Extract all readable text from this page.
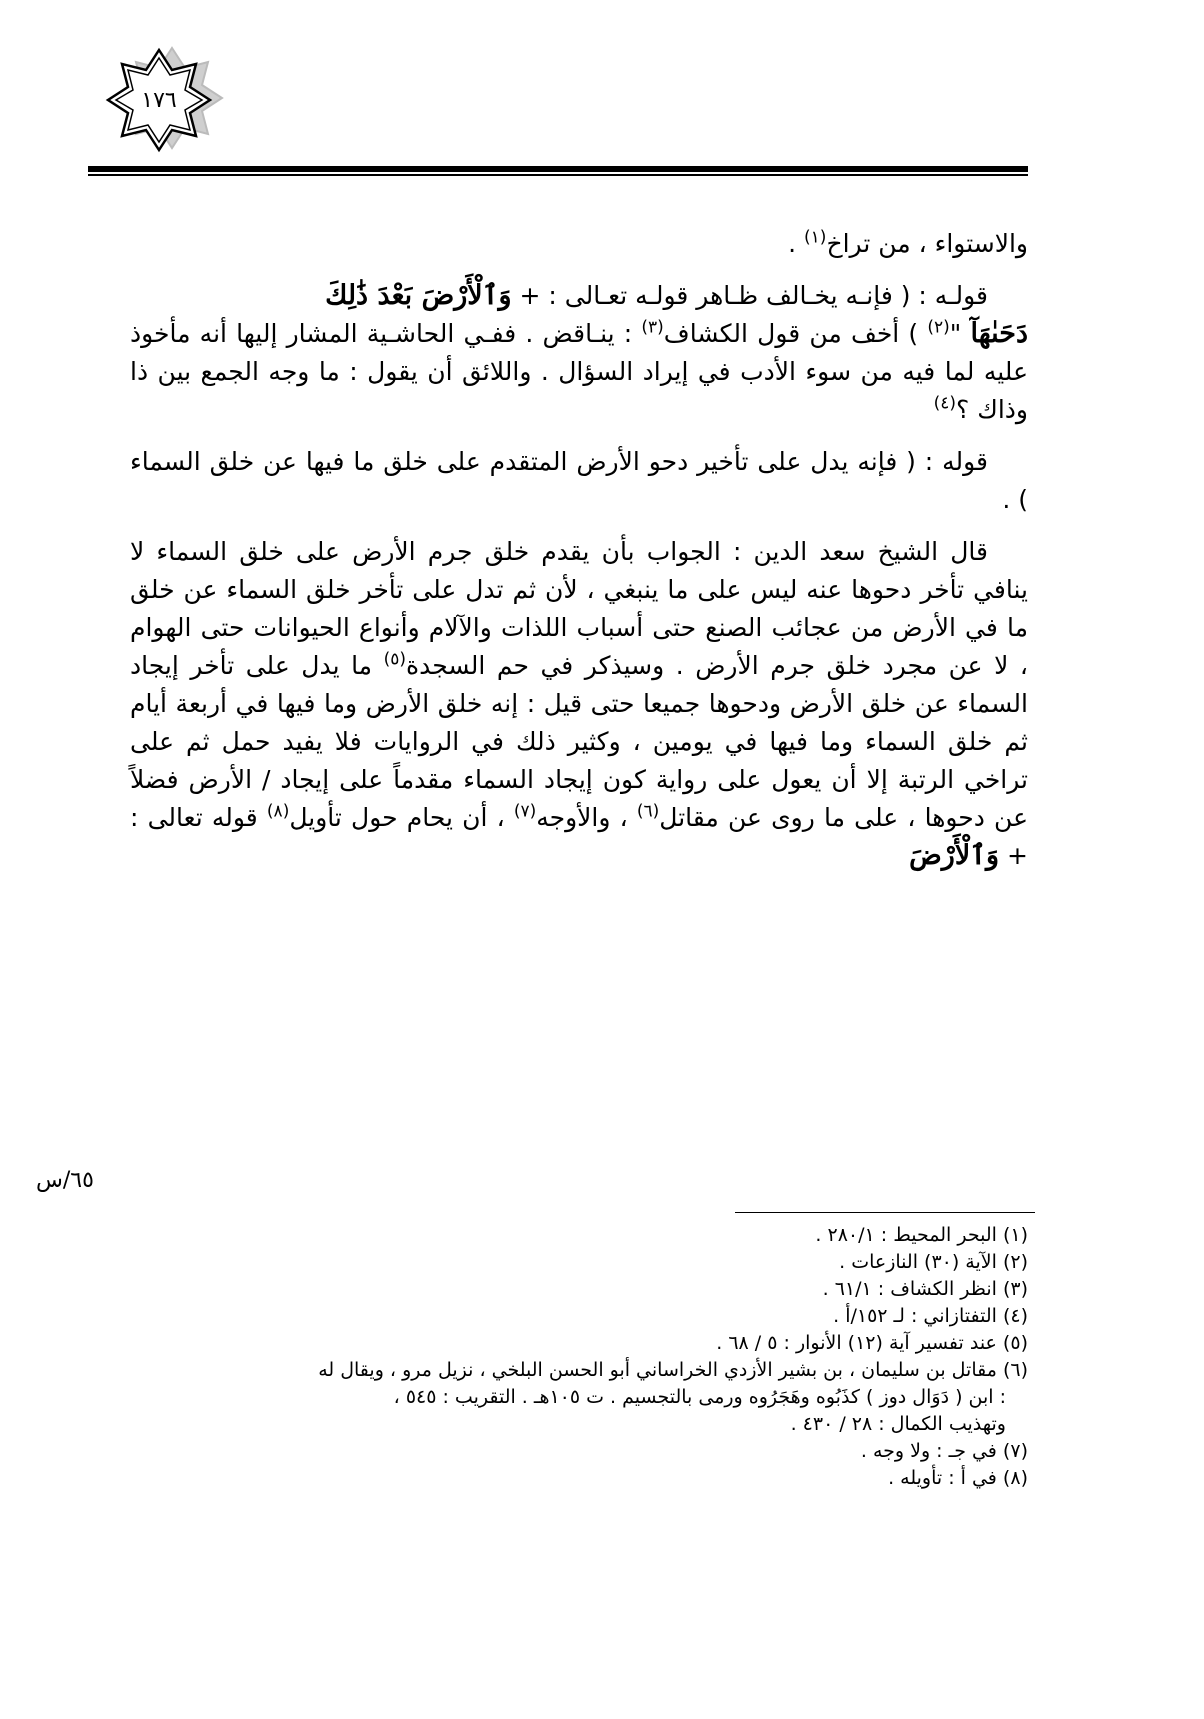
١٧٦

والاستواء ، من تراخ$^{(١)}$ .

قولـه : ( فإنـه يخـالف ظـاهر قولـه تعـالى : + وَٱلْأَرْضَ بَعْدَ ذَٰلِكَ

دَحَىٰهَآ "$^{(٢)}$ ) أخف من قول الكشاف$^{(٣)}$ : ينـاقض . ففـي الحاشـية المشار إليها أنه مأخوذ عليه لما فيه من سوء الأدب في إيراد السؤال . واللائق أن يقول : ما وجه الجمع بين ذا وذاك ؟$^{(٤)}$

قوله : ( فإنه يدل على تأخير دحو الأرض المتقدم على خلق ما فيها عن خلق السماء ) .

قال الشيخ سعد الدين : الجواب بأن يقدم خلق جرم الأرض على خلق السماء لا ينافي تأخر دحوها عنه ليس على ما ينبغي ، لأن ثم تدل على تأخر خلق السماء عن خلق ما في الأرض من عجائب الصنع حتى أسباب اللذات والآلام وأنواع الحيوانات حتى الهوام ، لا عن مجرد خلق جرم الأرض . وسيذكر في حم السجدة$^{(٥)}$ ما يدل على تأخر إيجاد السماء عن خلق الأرض ودحوها جميعا حتى قيل : إنه خلق الأرض وما فيها في أربعة أيام ثم خلق السماء وما فيها في يومين ، وكثير ذلك في الروايات فلا يفيد حمل ثم على تراخي الرتبة إلا أن يعول على رواية كون إيجاد السماء مقدماً على إيجاد / الأرض فضلاً عن دحوها ، على ما روى عن مقاتل$^{(٦)}$ ، والأوجه$^{(٧)}$ ، أن يحام حول تأويل$^{(٨)}$ قوله تعالى : + وَٱلْأَرْضَ

٦٥/س

(١) البحر المحيط : ٢٨٠/١ .

(٢) الآية (٣٠) النازعات .

(٣) انظر الكشاف : ٦١/١ .

(٤) التفتازاني : لـ ١٥٢/أ .

(٥) عند تفسير آية (١٢) الأنوار : ٥ / ٦٨ .

(٦) مقاتل بن سليمان ، بن بشير الأزدي الخراساني أبو الحسن البلخي ، نزيل مرو ، ويقال له

: ابن ( دَوَال دوز ) كذَبُوه وهَجَرُوه ورمى بالتجسيم . ت ١٠٥هـ . التقريب : ٥٤٥ ،

وتهذيب الكمال : ٢٨ / ٤٣٠ .

(٧) في جـ : ولا وجه .

(٨) في أ : تأويله .
